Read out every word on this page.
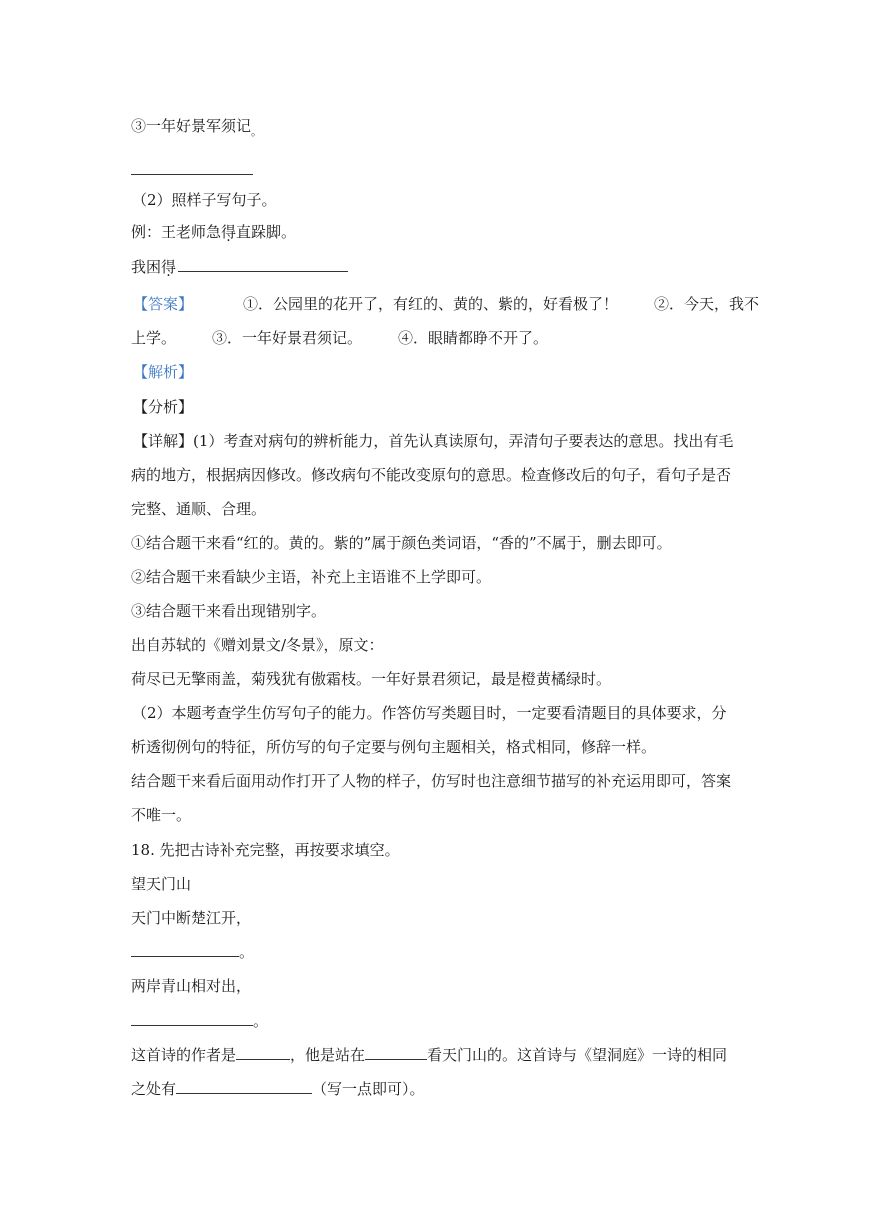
③一年好景军须记$_。$
（2）照样子写句子。
例：王老师急得直跺脚。
我困得
【答案】	①．公园里的花开了，有红的、黄的、紫的，好看极了！ ②．今天，我不
上学。 ③．一年好景君须记。 ④．眼睛都睁不开了。
【解析】
【分析】
【详解】(1）考查对病句的辨析能力，首先认真读原句，弄清句子要表达的意思。找出有毛
病的地方，根据病因修改。修改病句不能改变原句的意思。检查修改后的句子，看句子是否
完整、通顺、合理。
①结合题干来看“红的。黄的。紫的”属于颜色类词语，“香的”不属于，删去即可。
②结合题干来看缺少主语，补充上主语谁不上学即可。
③结合题干来看出现错别字。
出自苏轼的《赠刘景文/冬景》，原文：
荷尽已无擎雨盖，菊残犹有傲霜枝。一年好景君须记，最是橙黄橘绿时。
（2）本题考查学生仿写句子的能力。作答仿写类题目时，一定要看清题目的具体要求，分
析透彻例句的特征，所仿写的句子定要与例句主题相关，格式相同，修辞一样。
结合题干来看后面用动作打开了人物的样子，仿写时也注意细节描写的补充运用即可，答案
不唯一。
18. 先把古诗补充完整，再按要求填空。
望天门山
天门中断楚江开，
。
两岸青山相对出，
。
这首诗的作者是	，他是站在	看天门山的。这首诗与《望洞庭》一诗的相同
之处有	（写一点即可）。
